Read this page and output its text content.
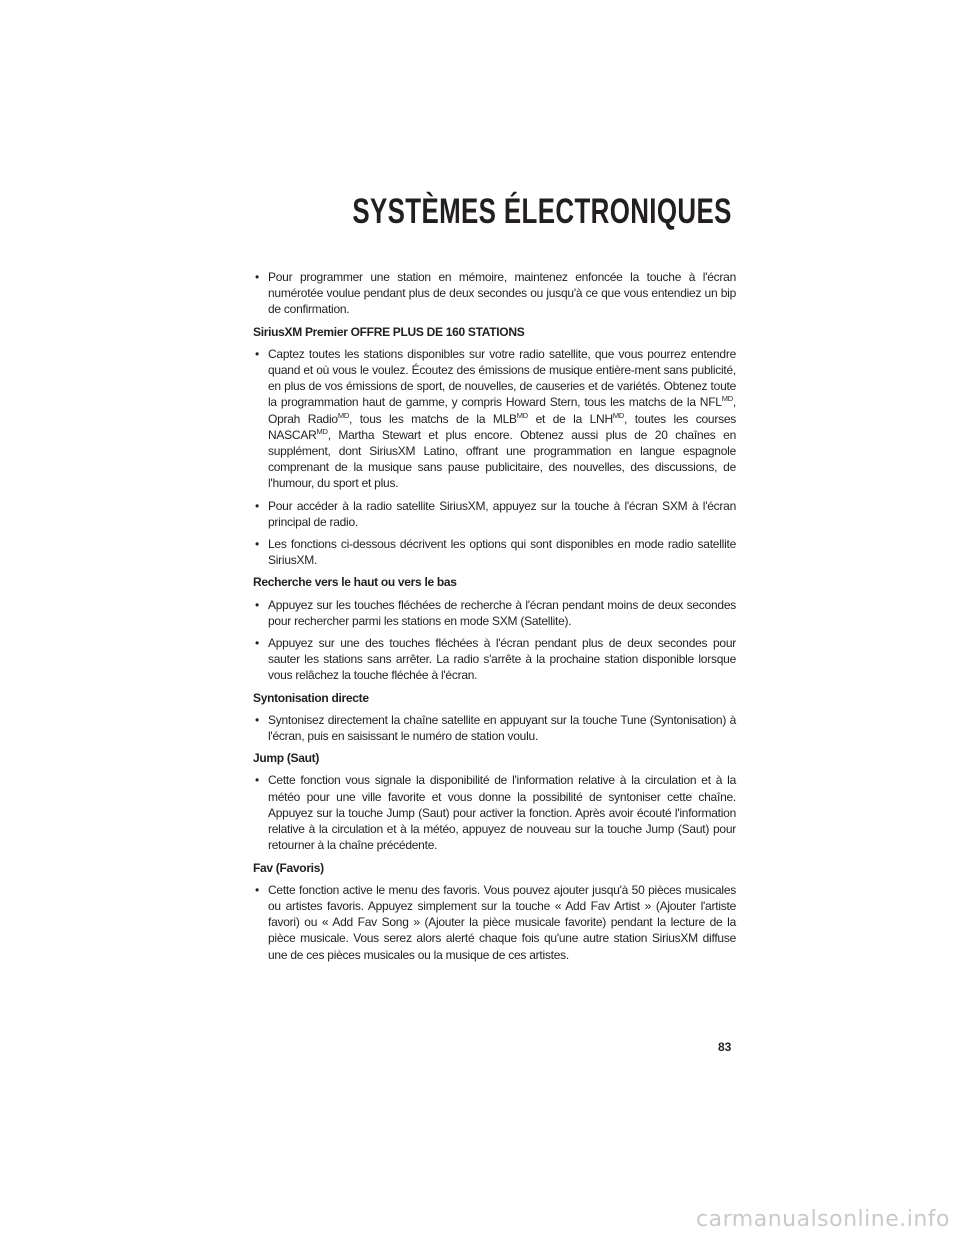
SYSTÈMES ÉLECTRONIQUES

• Pour programmer une station en mémoire, maintenez enfoncée la touche à l'écran numérotée voulue pendant plus de deux secondes ou jusqu'à ce que vous entendiez un bip de confirmation.

SiriusXM Premier OFFRE PLUS DE 160 STATIONS

• Captez toutes les stations disponibles sur votre radio satellite, que vous pourrez entendre quand et où vous le voulez. Écoutez des émissions de musique entière-ment sans publicité, en plus de vos émissions de sport, de nouvelles, de causeries et de variétés. Obtenez toute la programmation haut de gamme, y compris Howard Stern, tous les matchs de la $NFL^{MD}$, Oprah Radio$^{MD}$, tous les matchs de la $MLB^{MD}$ et de la $LNH^{MD}$, toutes les courses $NASCAR^{MD}$, Martha Stewart et plus encore. Obtenez aussi plus de 20 chaînes en supplément, dont SiriusXM Latino, offrant une programmation en langue espagnole comprenant de la musique sans pause publicitaire, des nouvelles, des discussions, de l'humour, du sport et plus.

• Pour accéder à la radio satellite SiriusXM, appuyez sur la touche à l'écran SXM à l'écran principal de radio.

• Les fonctions ci-dessous décrivent les options qui sont disponibles en mode radio satellite SiriusXM.

Recherche vers le haut ou vers le bas

• Appuyez sur les touches fléchées de recherche à l'écran pendant moins de deux secondes pour rechercher parmi les stations en mode SXM (Satellite).

• Appuyez sur une des touches fléchées à l'écran pendant plus de deux secondes pour sauter les stations sans arrêter. La radio s'arrête à la prochaine station disponible lorsque vous relâchez la touche fléchée à l'écran.

Syntonisation directe

• Syntonisez directement la chaîne satellite en appuyant sur la touche Tune (Syntonisation) à l'écran, puis en saisissant le numéro de station voulu.

Jump (Saut)

• Cette fonction vous signale la disponibilité de l'information relative à la circulation et à la météo pour une ville favorite et vous donne la possibilité de syntoniser cette chaîne. Appuyez sur la touche Jump (Saut) pour activer la fonction. Après avoir écouté l'information relative à la circulation et à la météo, appuyez de nouveau sur la touche Jump (Saut) pour retourner à la chaîne précédente.

Fav (Favoris)

• Cette fonction active le menu des favoris. Vous pouvez ajouter jusqu'à 50 pièces musicales ou artistes favoris. Appuyez simplement sur la touche « Add Fav Artist » (Ajouter l'artiste favori) ou « Add Fav Song » (Ajouter la pièce musicale favorite) pendant la lecture de la pièce musicale. Vous serez alors alerté chaque fois qu'une autre station SiriusXM diffuse une de ces pièces musicales ou la musique de ces artistes.

83
carmanualsonline.info
